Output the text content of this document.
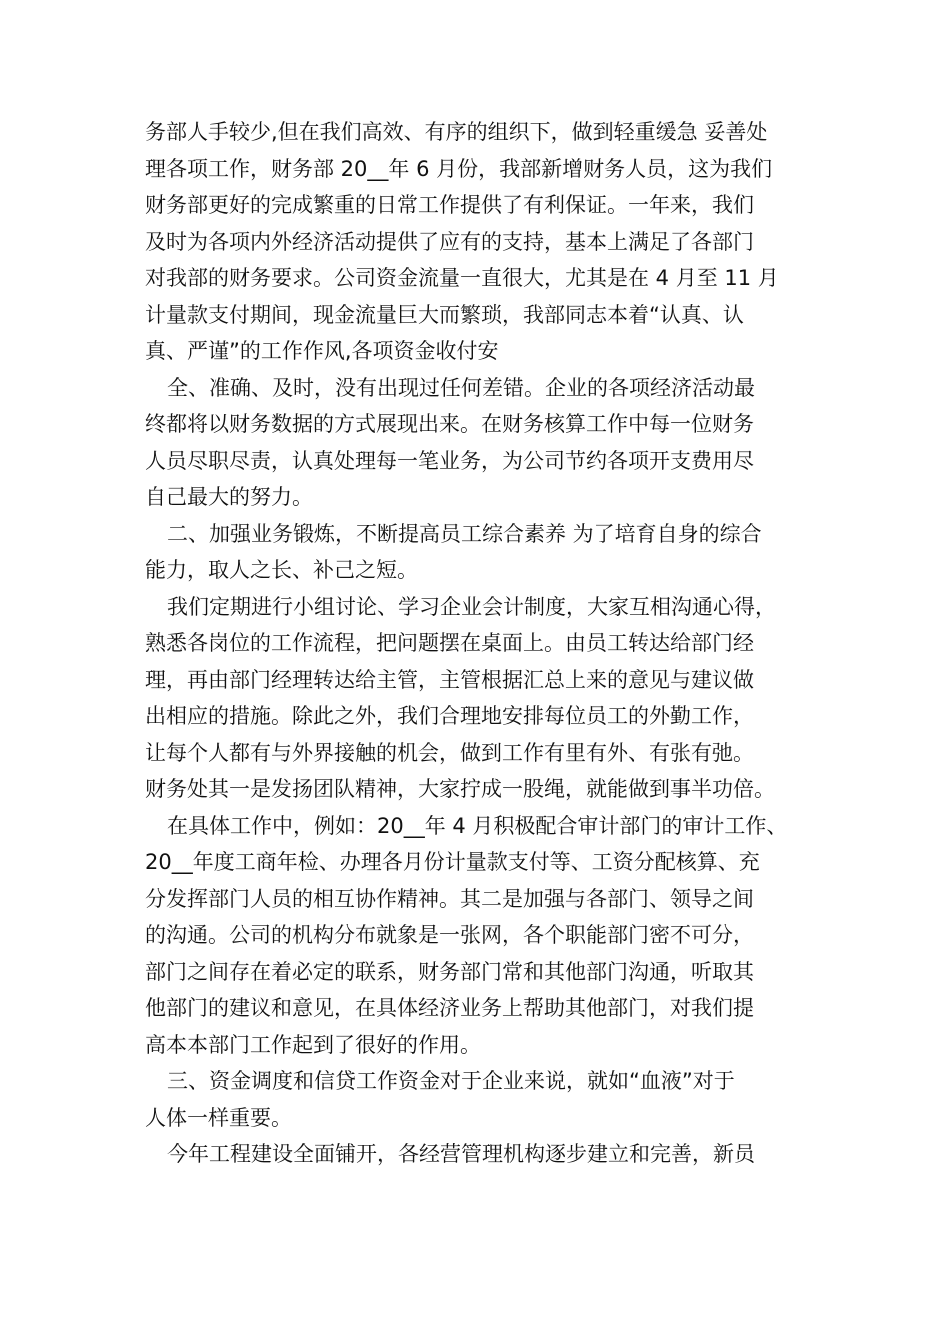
务部人手较少,但在我们高效、有序的组织下，做到轻重缓急 妥善处

理各项工作，财务部 20__年 6 月份，我部新增财务人员，这为我们

财务部更好的完成繁重的日常工作提供了有利保证。一年来，我们

及时为各项内外经济活动提供了应有的支持，基本上满足了各部门

对我部的财务要求。公司资金流量一直很大，尤其是在 4 月至 11 月

计量款支付期间，现金流量巨大而繁琐，我部同志本着“认真、认

真、严谨”的工作作风,各项资金收付安

全、准确、及时，没有出现过任何差错。企业的各项经济活动最

终都将以财务数据的方式展现出来。在财务核算工作中每一位财务

人员尽职尽责，认真处理每一笔业务，为公司节约各项开支费用尽

自己最大的努力。

二、加强业务锻炼，不断提高员工综合素养 为了培育自身的综合

能力，取人之长、补己之短。

我们定期进行小组讨论、学习企业会计制度，大家互相沟通心得，

熟悉各岗位的工作流程，把问题摆在桌面上。由员工转达给部门经

理，再由部门经理转达给主管，主管根据汇总上来的意见与建议做

出相应的措施。除此之外，我们合理地安排每位员工的外勤工作，

让每个人都有与外界接触的机会，做到工作有里有外、有张有弛。

财务处其一是发扬团队精神，大家拧成一股绳，就能做到事半功倍。

在具体工作中，例如：20__年 4 月积极配合审计部门的审计工作、

20__年度工商年检、办理各月份计量款支付等、工资分配核算、充

分发挥部门人员的相互协作精神。其二是加强与各部门、领导之间

的沟通。公司的机构分布就象是一张网，各个职能部门密不可分，

部门之间存在着必定的联系，财务部门常和其他部门沟通，听取其

他部门的建议和意见，在具体经济业务上帮助其他部门，对我们提

高本本部门工作起到了很好的作用。

三、资金调度和信贷工作资金对于企业来说，就如“血液”对于

人体一样重要。

今年工程建设全面铺开，各经营管理机构逐步建立和完善，新员
